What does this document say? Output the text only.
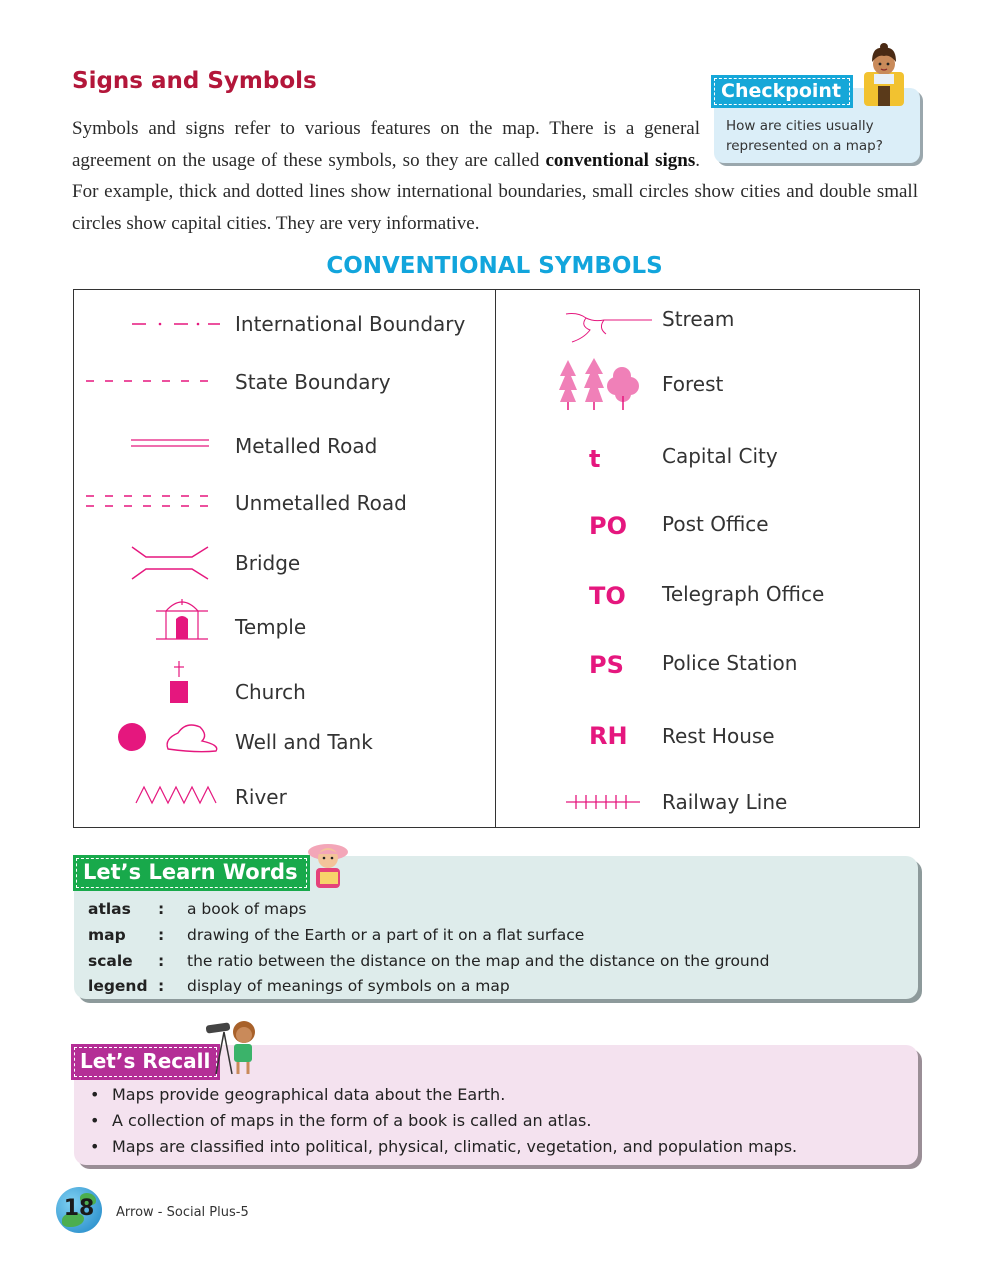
Signs and Symbols
Symbols and signs refer to various features on the map. There is a general agreement on the usage of these symbols, so they are called conventional signs. For example, thick and dotted lines show international boundaries, small circles show cities and double small circles show capital cities. They are very informative.
How are cities usually represented on a map?
Checkpoint
CONVENTIONAL SYMBOLS
International Boundary
State Boundary
Metalled Road
Unmetalled Road
Bridge
Temple
Church
Well and Tank
River
Stream
Forest
t	Capital City
PO Post Office
TO Telegraph Office
PS Police Station
RH Rest House
Railway Line
Let’s Learn Words
atlas	: a book of maps
map	: drawing of the Earth or a part of it on a flat surface
scale	: the ratio between the distance on the map and the distance on the ground
legend : display of meanings of symbols on a map
Let’s Recall
• Maps provide geographical data about the Earth.
• A collection of maps in the form of a book is called an atlas.
• Maps are classified into political, physical, climatic, vegetation, and population maps.
18	Arrow - Social Plus-5
